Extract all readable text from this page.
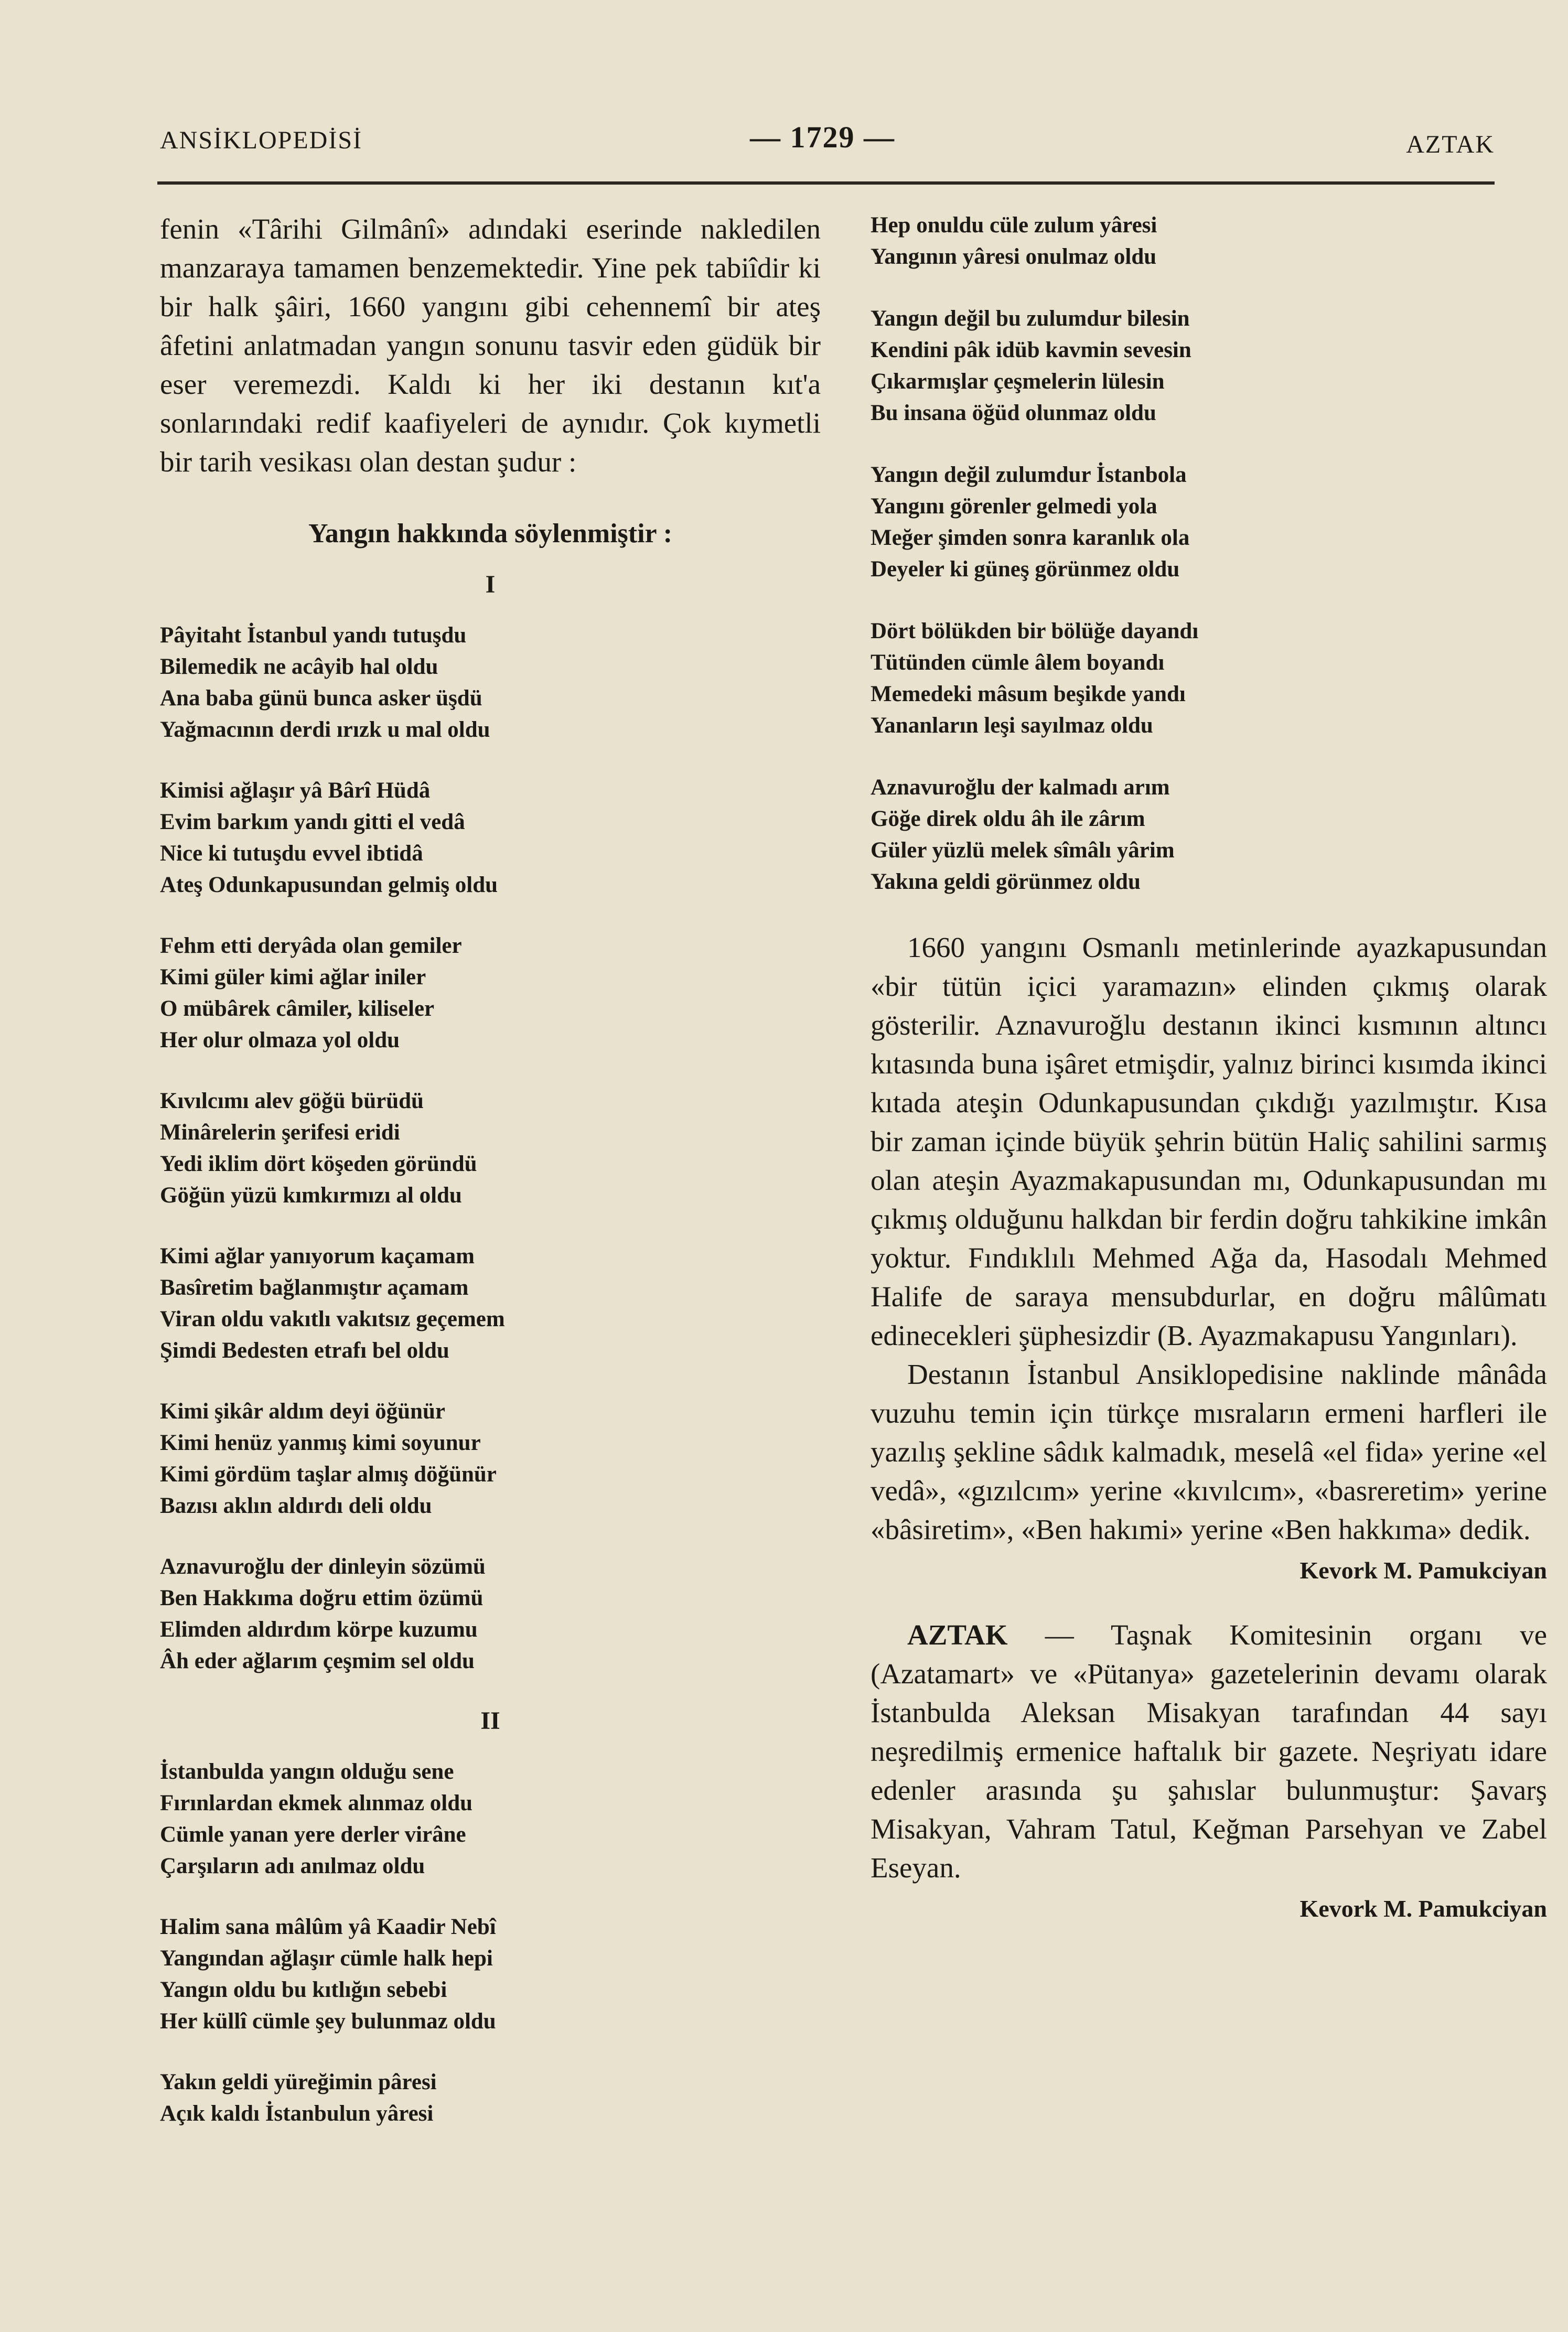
ANSİKLOPEDİSİ	— 1729 —	AZTAK

fenin «Târihi Gilmânî» adındaki eserinde nakledilen manzaraya tamamen benzemektedir. Yine pek tabiîdir ki bir halk şâiri, 1660 yangını gibi cehennemî bir ateş âfetini anlatmadan yangın sonunu tasvir eden güdük bir eser veremezdi. Kaldı ki her iki destanın kıt'a sonlarındaki redif kaafiyeleri de aynıdır. Çok kıymetli bir tarih vesikası olan destan şudur :

Yangın hakkında söylenmiştir :
I
Pâyitaht İstanbul yandı tutuşdu
Bilemedik ne acâyib hal oldu
Ana baba günü bunca asker üşdü
Yağmacının derdi ırızk u mal oldu
Kimisi ağlaşır yâ Bârî Hüdâ
Evim barkım yandı gitti el vedâ
Nice ki tutuşdu evvel ibtidâ
Ateş Odunkapusundan gelmiş oldu
Fehm etti deryâda olan gemiler
Kimi güler kimi ağlar iniler
O mübârek câmiler, kiliseler
Her olur olmaza yol oldu
Kıvılcımı alev göğü bürüdü
Minârelerin şerifesi eridi
Yedi iklim dört köşeden göründü
Göğün yüzü kımkırmızı al oldu
Kimi ağlar yanıyorum kaçamam
Basîretim bağlanmıştır açamam
Viran oldu vakıtlı vakıtsız geçemem
Şimdi Bedesten etrafı bel oldu
Kimi şikâr aldım deyi öğünür
Kimi henüz yanmış kimi soyunur
Kimi gördüm taşlar almış döğünür
Bazısı aklın aldırdı deli oldu
Aznavuroğlu der dinleyin sözümü
Ben Hakkıma doğru ettim özümü
Elimden aldırdım körpe kuzumu
Âh eder ağlarım çeşmim sel oldu
II
İstanbulda yangın olduğu sene
Fırınlardan ekmek alınmaz oldu
Cümle yanan yere derler virâne
Çarşıların adı anılmaz oldu
Halim sana mâlûm yâ Kaadir Nebî
Yangından ağlaşır cümle halk hepi
Yangın oldu bu kıtlığın sebebi
Her küllî cümle şey bulunmaz oldu
Yakın geldi yüreğimin pâresi
Açık kaldı İstanbulun yâresi
Hep onuldu cüle zulum yâresi
Yangının yâresi onulmaz oldu
Yangın değil bu zulumdur bilesin
Kendini pâk idüb kavmin sevesin
Çıkarmışlar çeşmelerin lülesin
Bu insana öğüd olunmaz oldu
Yangın değil zulumdur İstanbola
Yangını görenler gelmedi yola
Meğer şimden sonra karanlık ola
Deyeler ki güneş görünmez oldu
Dört bölükden bir bölüğe dayandı
Tütünden cümle âlem boyandı
Memedeki mâsum beşikde yandı
Yananların leşi sayılmaz oldu
Aznavuroğlu der kalmadı arım
Göğe direk oldu âh ile zârım
Güler yüzlü melek sîmâlı yârim
Yakına geldi görünmez oldu

1660 yangını Osmanlı metinlerinde ayazkapusundan «bir tütün içici yaramazın» elinden çıkmış olarak gösterilir. Aznavuroğlu destanın ikinci kısmının altıncı kıtasında buna işâret etmişdir, yalnız birinci kısımda ikinci kıtada ateşin Odunkapusundan çıkdığı yazılmıştır. Kısa bir zaman içinde büyük şehrin bütün Haliç sahilini sarmış olan ateşin Ayazmakapusundan mı, Odunkapusundan mı çıkmış olduğunu halkdan bir ferdin doğru tahkikine imkân yoktur. Fındıklılı Mehmed Ağa da, Hasodalı Mehmed Halife de saraya mensubdurlar, en doğru mâlûmatı edinecekleri şüphesizdir (B. Ayazmakapusu Yangınları).

Destanın İstanbul Ansiklopedisine naklinde mânâda vuzuhu temin için türkçe mısraların ermeni harfleri ile yazılış şekline sâdık kalmadık, meselâ «el fida» yerine «el vedâ», «gızılcım» yerine «kıvılcım», «basreretim» yerine «bâsiretim», «Ben hakımi» yerine «Ben hakkıma» dedik.

Kevork M. Pamukciyan

AZTAK — Taşnak Komitesinin organı ve (Azatamart» ve «Pütanya» gazetelerinin devamı olarak İstanbulda Aleksan Misakyan tarafından 44 sayı neşredilmiş ermenice haftalık bir gazete. Neşriyatı idare edenler arasında şu şahıslar bulunmuştur: Şavarş Misakyan, Vahram Tatul, Keğman Parsehyan ve Zabel Eseyan.

Kevork M. Pamukciyan
